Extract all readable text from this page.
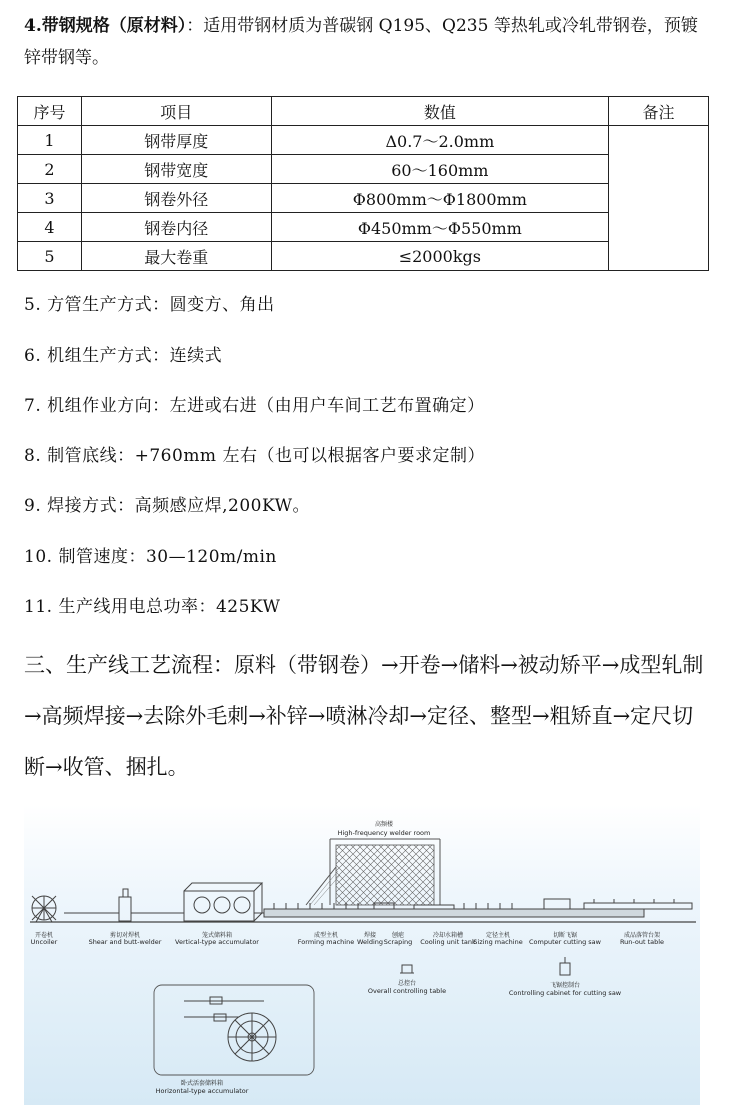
4.带钢规格（原材料）：适用带钢材质为普碳钢 Q195、Q235 等热轧或冷轧带钢卷，预镀锌带钢等。
序号	项目	数值	备注
1	钢带厚度	Δ0.7～2.0mm	
2	钢带宽度	60～160mm	
3	钢卷外径	Φ800mm～Φ1800mm	
4	钢卷内径	Φ450mm～Φ550mm	
5	最大卷重	≤2000kgs	
5. 方管生产方式：圆变方、角出
6. 机组生产方式：连续式
7. 机组作业方向：左进或右进（由用户车间工艺布置确定）
8. 制管底线：+760mm 左右（也可以根据客户要求定制）
9. 焊接方式：高频感应焊,200KW。
10. 制管速度：30—120m/min
11. 生产线用电总功率：425KW
三、生产线工艺流程：原料（带钢卷）→开卷→储料→被动矫平→成型轧制→高频焊接→去除外毛刺→补锌→喷淋冷却→定径、整型→粗矫直→定尺切断→收管、捆扎。
高频楼
High-frequency welder room
开卷机
Uncoiler
剪切对焊机
Shear and butt-welder
笼式储料箱
Vertical-type accumulator
成型主机
Forming machine
焊接
Welding
刨疤
Scraping
冷却水箱槽
Cooling unit tank
定径主机
Sizing machine
切断飞锯
Computer cutting saw
成品落管台架
Run-out table
总控台
Overall controlling table
飞锯控制台
Controlling cabinet for cutting saw
卧式活套储料箱
Horizontal-type accumulator
